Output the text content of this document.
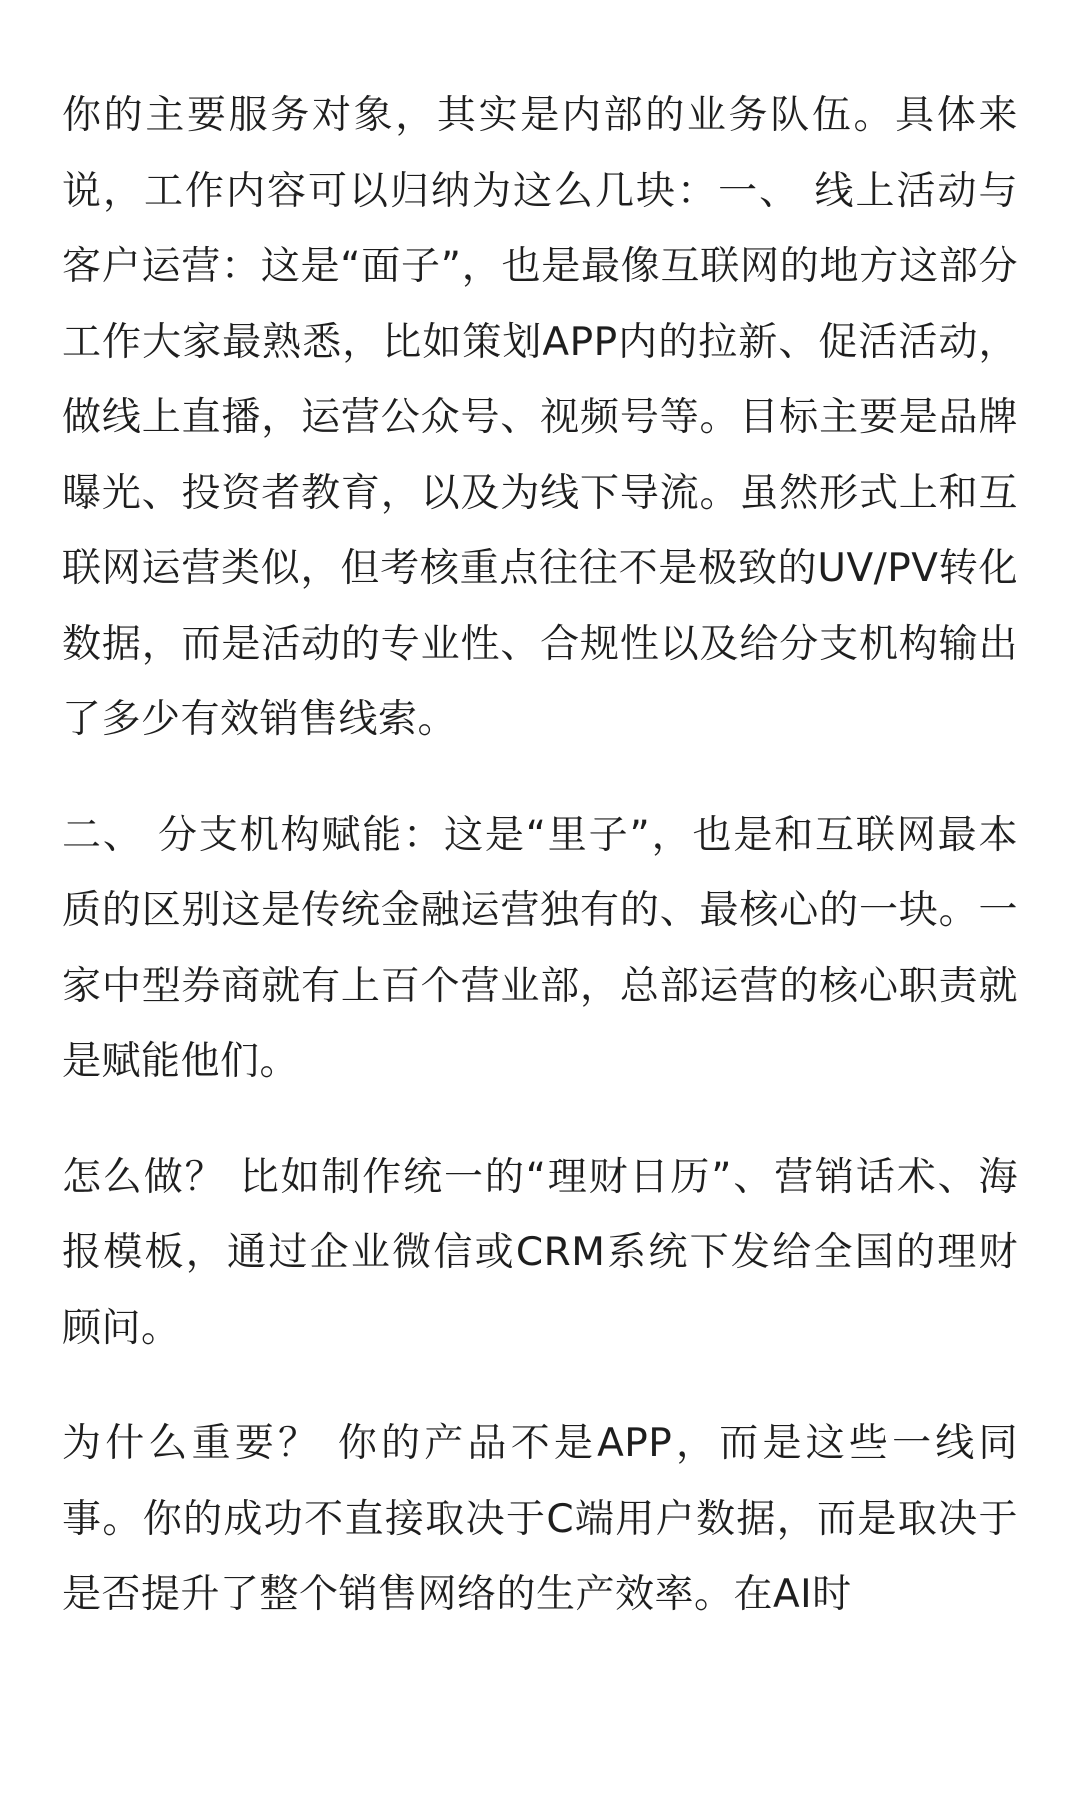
你的主要服务对象，其实是内部的业务队伍。具体来说，工作内容可以归纳为这么几块：一、 线上活动与客户运营：这是“面子”，也是最像互联网的地方这部分工作大家最熟悉，比如策划APP内的拉新、促活活动，做线上直播，运营公众号、视频号等。目标主要是品牌曝光、投资者教育，以及为线下导流。虽然形式上和互联网运营类似，但考核重点往往不是极致的UV/PV转化数据，而是活动的专业性、合规性以及给分支机构输出了多少有效销售线索。

二、 分支机构赋能：这是“里子”，也是和互联网最本质的区别这是传统金融运营独有的、最核心的一块。一家中型券商就有上百个营业部，总部运营的核心职责就是赋能他们。

怎么做？ 比如制作统一的“理财日历”、营销话术、海报模板，通过企业微信或CRM系统下发给全国的理财顾问。

为什么重要？ 你的产品不是APP，而是这些一线同事。你的成功不直接取决于C端用户数据，而是取决于是否提升了整个销售网络的生产效率。在AI时
